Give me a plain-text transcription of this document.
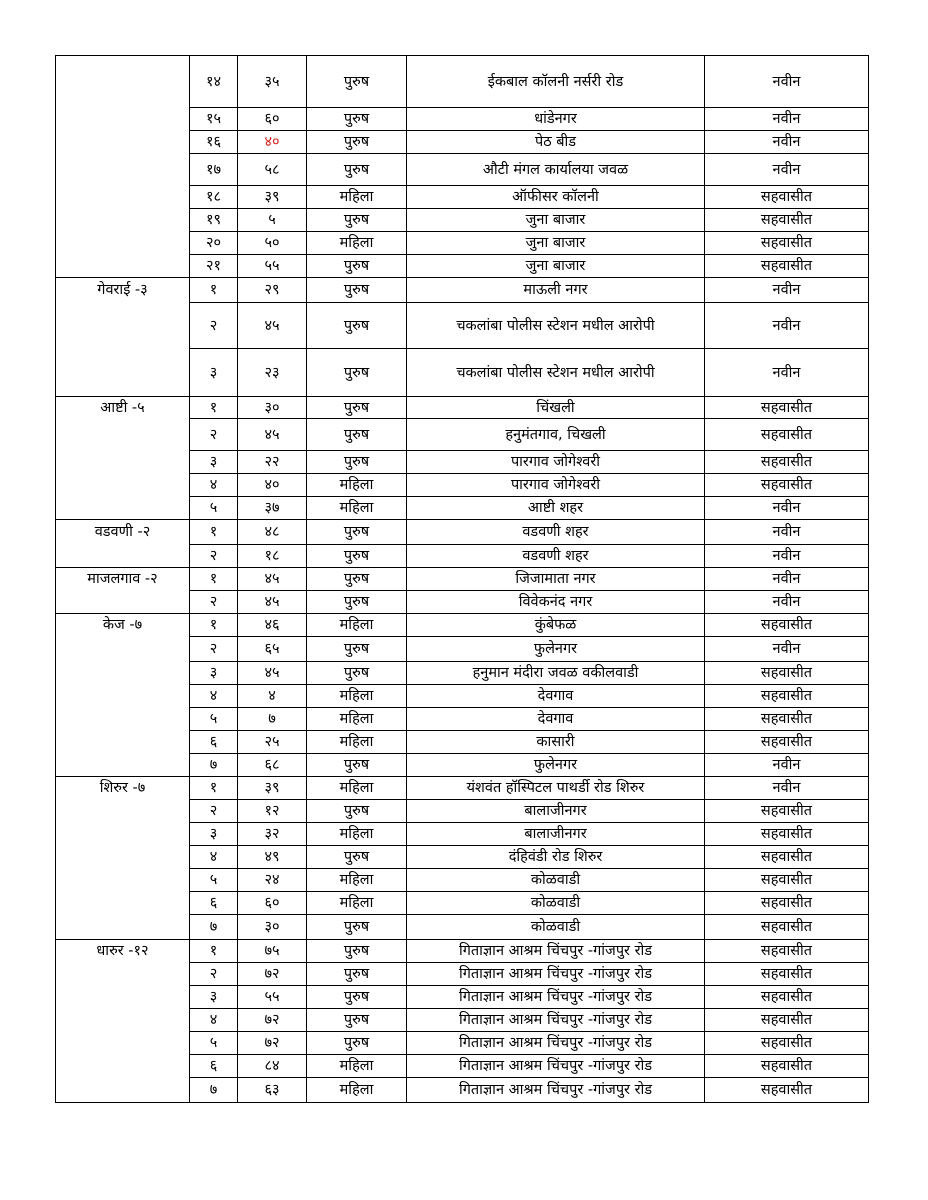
	१४	३५	पुरुष	ईकबाल कॉलनी नर्सरी रोड	नवीन
	१५	६०	पुरुष	धांडेनगर	नवीन
	१६	४०	पुरुष	पेठ बीड	नवीन
	१७	५८	पुरुष	औटी मंगल कार्यालया जवळ	नवीन
	१८	३९	महिला	ऑफीसर कॉलनी	सहवासीत
	१९	५	पुरुष	जुना बाजार	सहवासीत
	२०	५०	महिला	जुना बाजार	सहवासीत
	२१	५५	पुरुष	जुना बाजार	सहवासीत
गेवराई -३	१	२९	पुरुष	माऊली नगर	नवीन
	२	४५	पुरुष	चकलांबा पोलीस स्टेशन मधील आरोपी	नवीन
	३	२३	पुरुष	चकलांबा पोलीस स्टेशन मधील आरोपी	नवीन
आष्टी -५	१	३०	पुरुष	चिंखली	सहवासीत
	२	४५	पुरुष	हनुमंतगाव, चिखली	सहवासीत
	३	२२	पुरुष	पारगाव जोगेश्वरी	सहवासीत
	४	४०	महिला	पारगाव जोगेश्वरी	सहवासीत
	५	३७	महिला	आष्टी शहर	नवीन
वडवणी -२	१	४८	पुरुष	वडवणी शहर	नवीन
	२	१८	पुरुष	वडवणी शहर	नवीन
माजलगाव -२	१	४५	पुरुष	जिजामाता नगर	नवीन
	२	४५	पुरुष	विवेकनंद नगर	नवीन
केज -७	१	४६	महिला	कुंबेफळ	सहवासीत
	२	६५	पुरुष	फुलेनगर	नवीन
	३	४५	पुरुष	हनुमान मंदीरा जवळ वकीलवाडी	सहवासीत
	४	४	महिला	देवगाव	सहवासीत
	५	७	महिला	देवगाव	सहवासीत
	६	२५	महिला	कासारी	सहवासीत
	७	६८	पुरुष	फुलेनगर	नवीन
शिरुर -७	१	३९	महिला	यंशवंत हॉस्पिटल पाथर्डी रोड शिरुर	नवीन
	२	१२	पुरुष	बालाजीनगर	सहवासीत
	३	३२	महिला	बालाजीनगर	सहवासीत
	४	४९	पुरुष	दंहिवंडी रोड शिरुर	सहवासीत
	५	२४	महिला	कोळवाडी	सहवासीत
	६	६०	महिला	कोळवाडी	सहवासीत
	७	३०	पुरुष	कोळवाडी	सहवासीत
धारुर -१२	१	७५	पुरुष	गिताज्ञान आश्रम चिंचपुर -गांजपुर रोड	सहवासीत
	२	७२	पुरुष	गिताज्ञान आश्रम चिंचपुर -गांजपुर रोड	सहवासीत
	३	५५	पुरुष	गिताज्ञान आश्रम चिंचपुर -गांजपुर रोड	सहवासीत
	४	७२	पुरुष	गिताज्ञान आश्रम चिंचपुर -गांजपुर रोड	सहवासीत
	५	७२	पुरुष	गिताज्ञान आश्रम चिंचपुर -गांजपुर रोड	सहवासीत
	६	८४	महिला	गिताज्ञान आश्रम चिंचपुर -गांजपुर रोड	सहवासीत
	७	६३	महिला	गिताज्ञान आश्रम चिंचपुर -गांजपुर रोड	सहवासीत
